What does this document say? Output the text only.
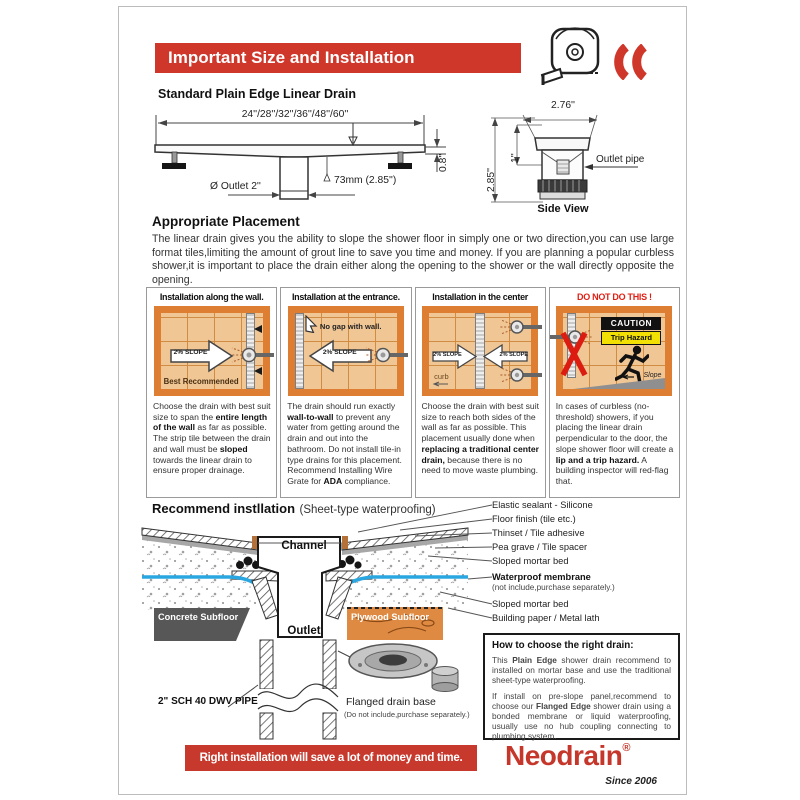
Important Size and Installation
Standard Plain Edge Linear Drain
24''/28''/32''/36''/48''/60''
0.8''
Ø Outlet 2''
73mm (2.85'')
2.76''
2.85''
1''	Outlet pipe
Side View
Appropriate Placement
The linear drain gives you the ability to slope the shower floor in simply one or two direction,you can use large format tiles,limiting the amount of grout line to save you time and money. If you are planning a popular curbless shower,it is important to place the drain either along the opening to the shower or the wall directly opposite the opening.
Installation along the wall.
2% SLOPE
Best Recommended
Choose the drain with best suit size to span the entire length of the wall as far as possible. The strip tile between the drain and wall must be sloped towards the linear drain to ensure proper drainage.
Installation at the entrance.
No gap with wall.
2% SLOPE
The drain should run exactly wall-to-wall to prevent any water from getting around the drain and out into the bathroom. Do not install tile-in type drains for this placement. Recommend Installing Wire Grate for ADA compliance.
Installation in the center
2% SLOPE	2% SLOPE
curb
Choose the drain with best suit size to reach both sides of the wall as far as possible. This placement usually done when replacing a traditional center drain, because there is no need to move waste plumbing.
DO NOT DO THIS !
CAUTION
Trip Hazard
Slope
In cases of curbless (no-threshold) showers, if you placing the linear drain perpendicular to the door, the slope shower floor will create a lip and a trip hazard. A building inspector will red-flag that.
Recommend instllation (Sheet-type waterproofing)
Channel
Outlet
Concrete Subfloor	Plywood Subfloor
2" SCH 40 DWV PIPE	Flanged drain base
(Do not include,purchase separately.)
Elastic sealant - Silicone
Floor finish (tile etc.)
Thinset / Tile adhesive
Pea grave / Tile spacer
Sloped mortar bed
Waterproof membrane
(not include,purchase separately.)
Sloped mortar bed
Building paper / Metal lath
How to choose the right drain:

This Plain Edge shower drain recommend to installed on mortar base and use the traditional sheet-type waterproofing.

If install on pre-slope panel,recommend to choose our Flanged Edge shower drain using a bonded membrane or liquid waterproofing, usually use no hub coupling connecting to plumbing system.

Right installation will save a lot of money and time.	Neodrain®
Since 2006
